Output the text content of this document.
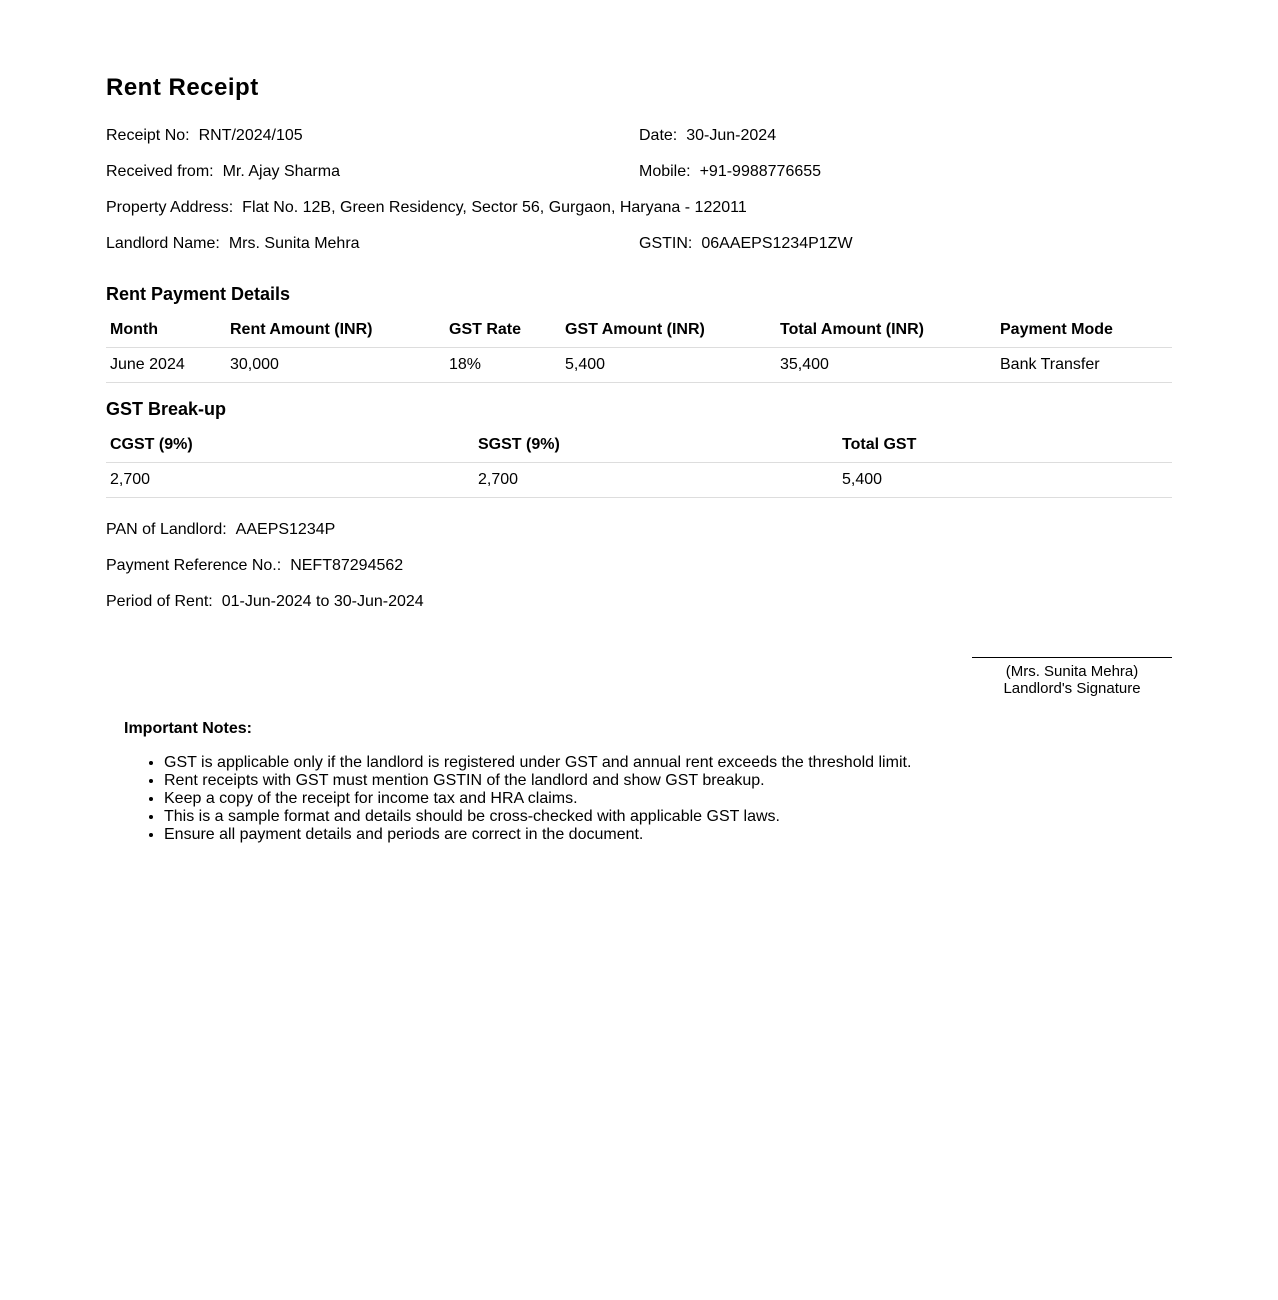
Rent Receipt
Receipt No: RNT/2024/105	Date: 30-Jun-2024
Received from: Mr. Ajay Sharma	Mobile: +91-9988776655
Property Address: Flat No. 12B, Green Residency, Sector 56, Gurgaon, Haryana - 122011
Landlord Name: Mrs. Sunita Mehra	GSTIN: 06AAEPS1234P1ZW
Rent Payment Details
Month	Rent Amount (INR)	GST Rate	GST Amount (INR)	Total Amount (INR)	Payment Mode
June 2024	30,000	18%	5,400	35,400	Bank Transfer
GST Break-up
CGST (9%)	SGST (9%)	Total GST
2,700	2,700	5,400
PAN of Landlord: AAEPS1234P
Payment Reference No.: NEFT87294562
Period of Rent: 01-Jun-2024 to 30-Jun-2024
(Mrs. Sunita Mehra)
Landlord's Signature
Important Notes:
• GST is applicable only if the landlord is registered under GST and annual rent exceeds the threshold limit.
• Rent receipts with GST must mention GSTIN of the landlord and show GST breakup.
• Keep a copy of the receipt for income tax and HRA claims.
• This is a sample format and details should be cross-checked with applicable GST laws.
• Ensure all payment details and periods are correct in the document.
